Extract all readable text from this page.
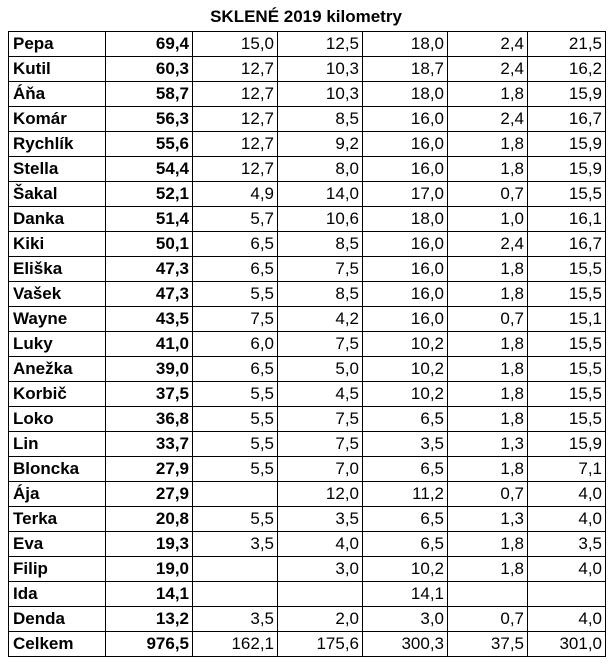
SKLENÉ 2019 kilometry
Pepa	69,4	15,0	12,5	18,0	2,4	21,5
Kutil	60,3	12,7	10,3	18,7	2,4	16,2
Áňa	58,7	12,7	10,3	18,0	1,8	15,9
Komár	56,3	12,7	8,5	16,0	2,4	16,7
Rychlík	55,6	12,7	9,2	16,0	1,8	15,9
Stella	54,4	12,7	8,0	16,0	1,8	15,9
Šakal	52,1	4,9	14,0	17,0	0,7	15,5
Danka	51,4	5,7	10,6	18,0	1,0	16,1
Kiki	50,1	6,5	8,5	16,0	2,4	16,7
Eliška	47,3	6,5	7,5	16,0	1,8	15,5
Vašek	47,3	5,5	8,5	16,0	1,8	15,5
Wayne	43,5	7,5	4,2	16,0	0,7	15,1
Luky	41,0	6,0	7,5	10,2	1,8	15,5
Anežka	39,0	6,5	5,0	10,2	1,8	15,5
Korbič	37,5	5,5	4,5	10,2	1,8	15,5
Loko	36,8	5,5	7,5	6,5	1,8	15,5
Lin	33,7	5,5	7,5	3,5	1,3	15,9
Bloncka	27,9	5,5	7,0	6,5	1,8	7,1
Ája	27,9		12,0	11,2	0,7	4,0
Terka	20,8	5,5	3,5	6,5	1,3	4,0
Eva	19,3	3,5	4,0	6,5	1,8	3,5
Filip	19,0		3,0	10,2	1,8	4,0
Ida	14,1			14,1		
Denda	13,2	3,5	2,0	3,0	0,7	4,0
Celkem	976,5	162,1	175,6	300,3	37,5	301,0
